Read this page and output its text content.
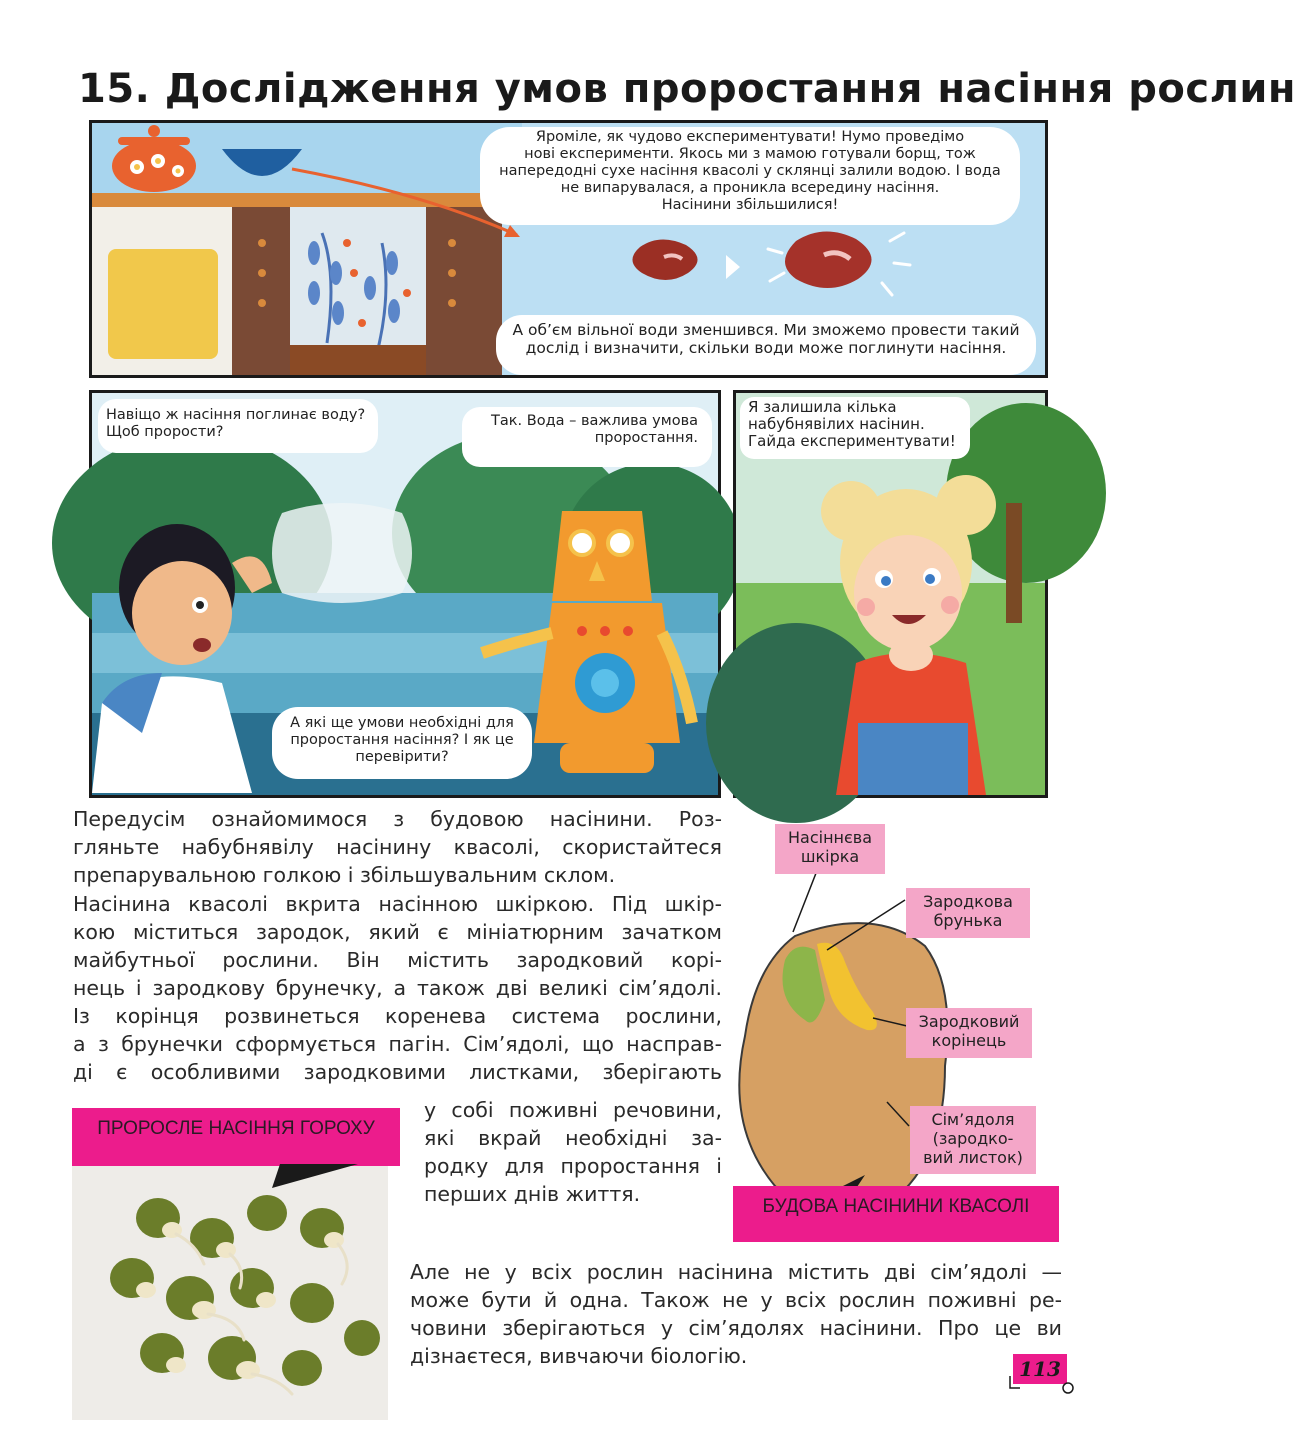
15. Дослідження умов проростання насіння рослин
Яроміле, як чудово експериментувати! Нумо проведімо
нові експерименти. Якось ми з мамою готували борщ, тож
напередодні сухе насіння квасолі у склянці залили водою. І вода
не випарувалася, а проникла всередину насіння.
Насінини збільшилися!
А об’єм вільної води зменшився. Ми зможемо провести такий
дослід і визначити, скільки води може поглинути насіння.
Навіщо ж насіння поглинає воду?
Щоб прорости?
Так. Вода – важлива умова
проростання.
А які ще умови необхідні для
проростання насіння? І як це
перевірити?
Я залишила кілька
набубнявілих насінин.
Гайда експериментувати!
Передусім ознайомимося з будовою насінини. Роз-
гляньте набубнявілу насінину квасолі, скористайтеся
препарувальною голкою і збільшувальним склом.
Насінина квасолі вкрита насінною шкіркою. Під шкір-
кою міститься зародок, який є мініатюрним зачатком
майбутньої рослини. Він містить зародковий корі-
нець і зародкову брунечку, а також дві великі сім’ядолі.
Із корінця розвинеться коренева система рослини,
а з брунечки сформується пагін. Сім’ядолі, що насправ-
ді є особливими зародковими листками, зберігають
у собі поживні речовини,
які вкрай необхідні за-
родку для проростання і
перших днів життя.
ПРОРОСЛЕ НАСІННЯ ГОРОХУ
Насіннєва
шкірка
Зародкова
брунька
Зародковий
корінець
Сім’ядоля
(зародко-
вий листок)
БУДОВА НАСІНИНИ КВАСОЛІ
Але не у всіх рослин насінина містить дві сім’ядолі —
може бути й одна. Також не у всіх рослин поживні ре-
човини зберігаються у сім’ядолях насінини. Про це ви
дізнаєтеся, вивчаючи біологію.
113
